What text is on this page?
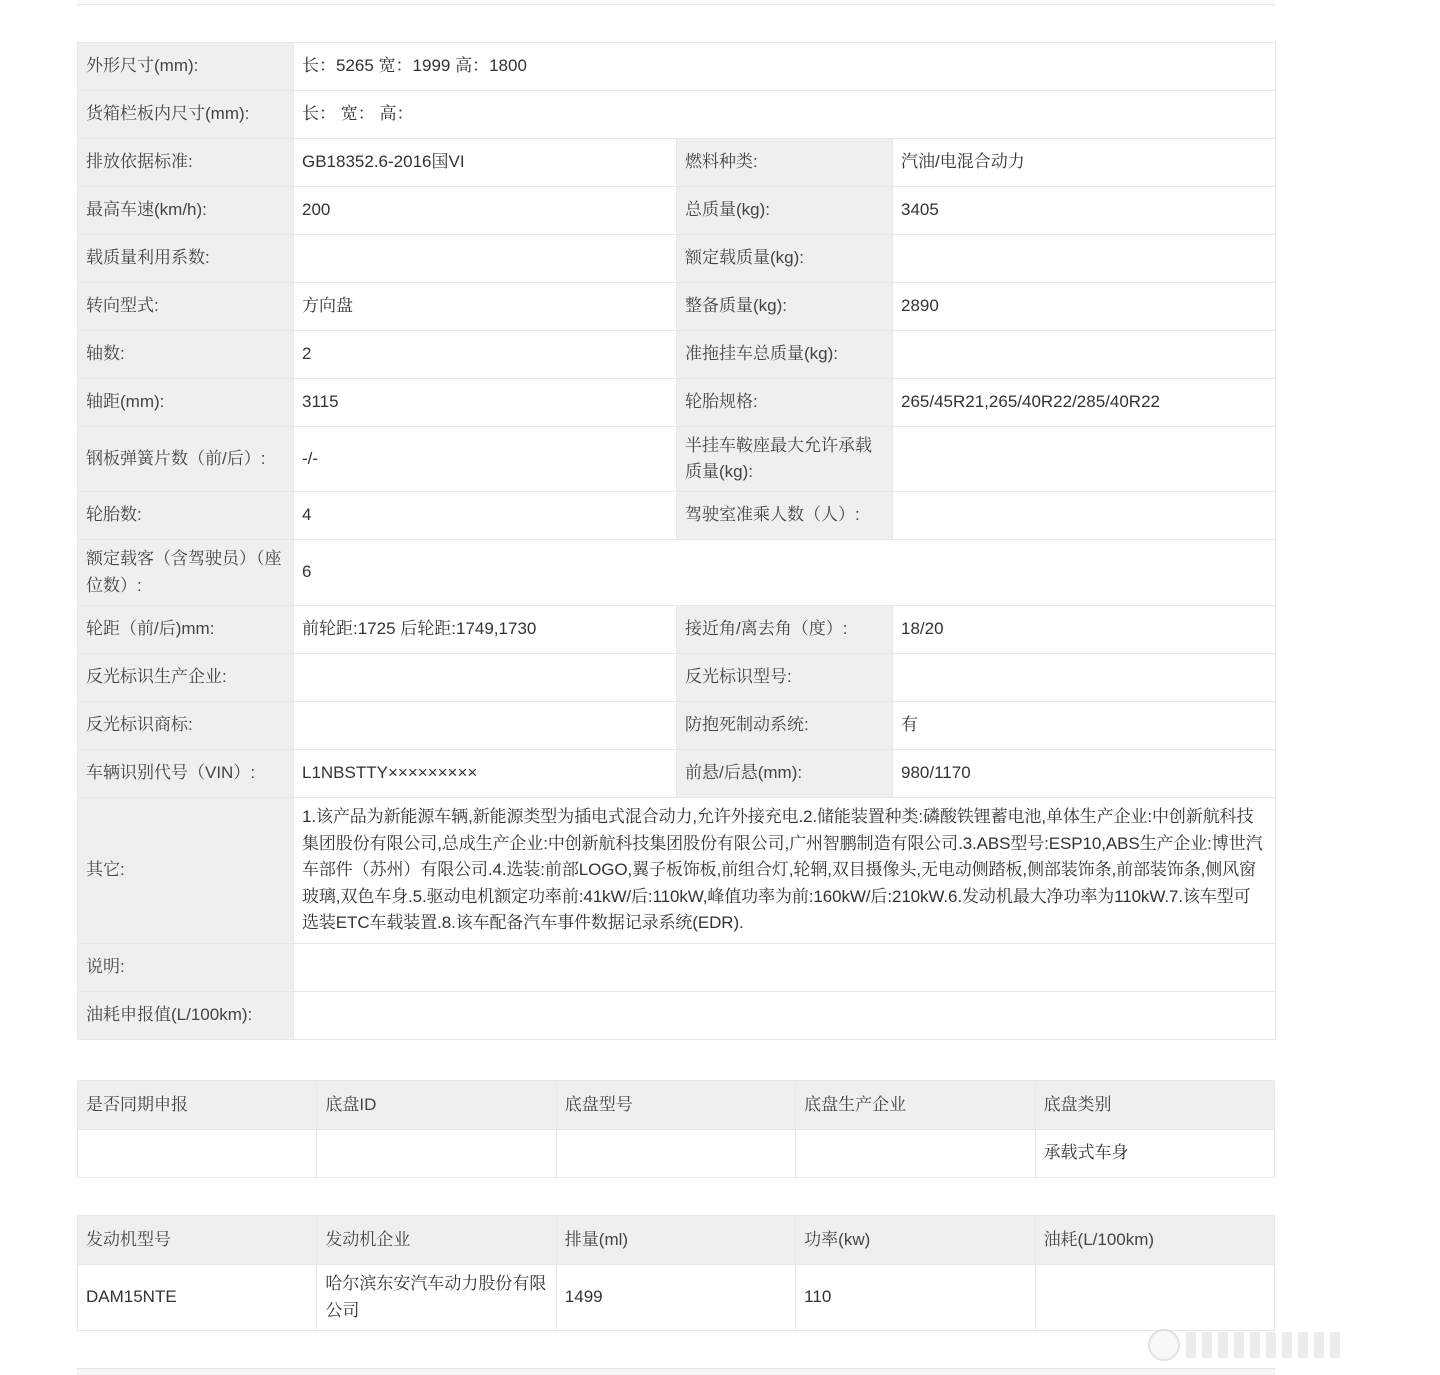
外形尺寸(mm):	长：5265 宽：1999 高：1800		
货箱栏板内尺寸(mm):	长： 宽： 高：		
排放依据标准:	GB18352.6-2016国VI	燃料种类:	汽油/电混合动力
最高车速(km/h):	200	总质量(kg):	3405
载质量利用系数:		额定载质量(kg):	
转向型式:	方向盘	整备质量(kg):	2890
轴数:	2	准拖挂车总质量(kg):	
轴距(mm):	3115	轮胎规格:	265/45R21,265/40R22/285/40R22
钢板弹簧片数（前/后）:	-/-	半挂车鞍座最大允许承载质量(kg):	
轮胎数:	4	驾驶室准乘人数（人）:	
额定载客（含驾驶员）（座位数）:	6		
轮距（前/后)mm:	前轮距:1725 后轮距:1749,1730	接近角/离去角（度）:	18/20
反光标识生产企业:		反光标识型号:	
反光标识商标:		防抱死制动系统:	有
车辆识别代号（VIN）:	L1NBSTTY×××××××××	前悬/后悬(mm):	980/1170
其它:	1.该产品为新能源车辆,新能源类型为插电式混合动力,允许外接充电.2.储能装置种类:磷酸铁锂蓄电池,单体生产企业:中创新航科技集团股份有限公司,总成生产企业:中创新航科技集团股份有限公司,广州智鹏制造有限公司.3.ABS型号:ESP10,ABS生产企业:博世汽车部件（苏州）有限公司.4.选装:前部LOGO,翼子板饰板,前组合灯,轮辋,双目摄像头,无电动侧踏板,侧部装饰条,前部装饰条,侧风窗玻璃,双色车身.5.驱动电机额定功率前:41kW/后:110kW,峰值功率为前:160kW/后:210kW.6.发动机最大净功率为110kW.7.该车型可选装ETC车载装置.8.该车配备汽车事件数据记录系统(EDR).		
说明:			
油耗申报值(L/100km):			
是否同期申报	底盘ID	底盘型号	底盘生产企业	底盘类别
				承载式车身
发动机型号	发动机企业	排量(ml)	功率(kw)	油耗(L/100km)
DAM15NTE	哈尔滨东安汽车动力股份有限公司	1499	110	
